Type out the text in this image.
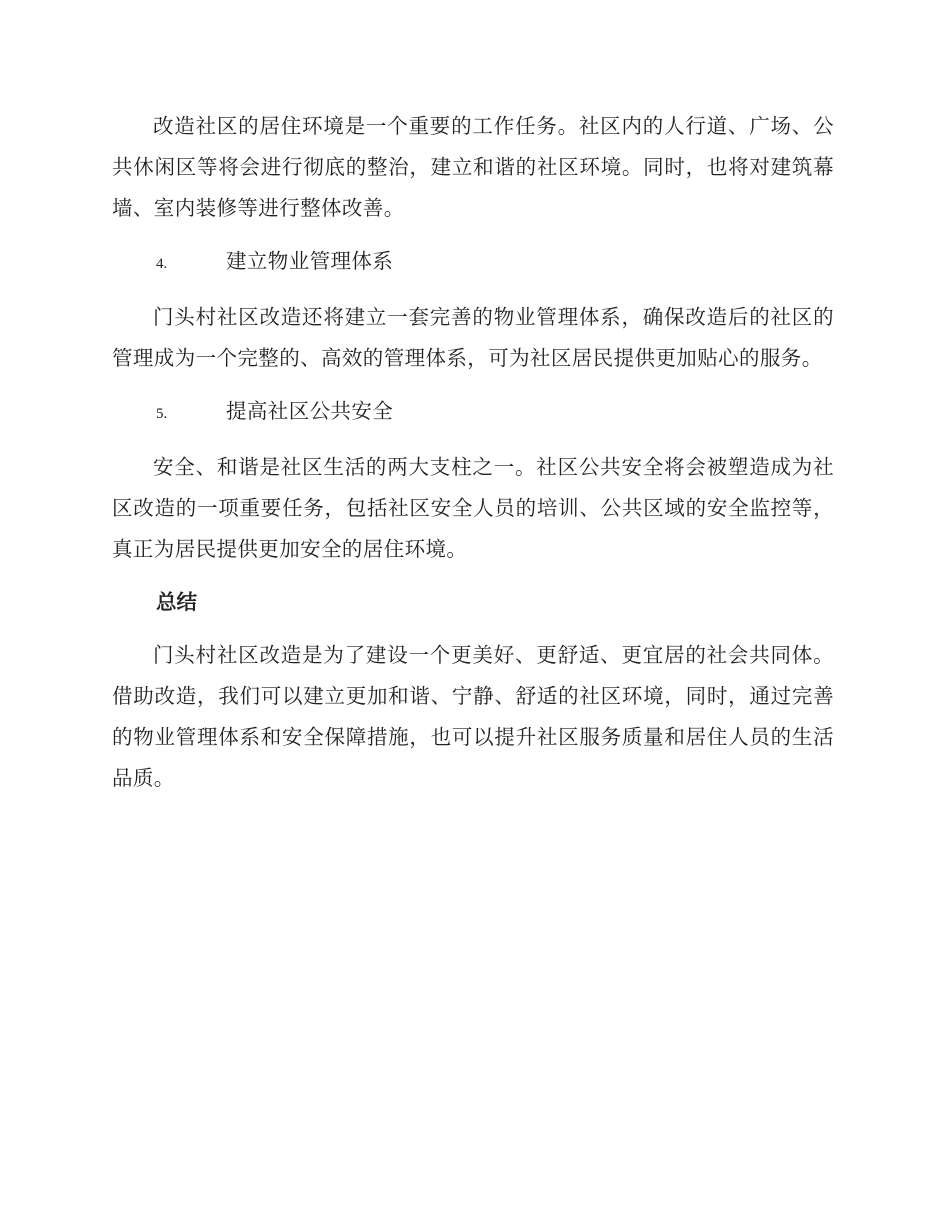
改造社区的居住环境是一个重要的工作任务。社区内的人行道、广场、公共休闲区等将会进行彻底的整治，建立和谐的社区环境。同时，也将对建筑幕墙、室内装修等进行整体改善。

4.	建立物业管理体系

门头村社区改造还将建立一套完善的物业管理体系，确保改造后的社区的管理成为一个完整的、高效的管理体系，可为社区居民提供更加贴心的服务。

5.	提高社区公共安全

安全、和谐是社区生活的两大支柱之一。社区公共安全将会被塑造成为社区改造的一项重要任务，包括社区安全人员的培训、公共区域的安全监控等，真正为居民提供更加安全的居住环境。

总结

门头村社区改造是为了建设一个更美好、更舒适、更宜居的社会共同体。借助改造，我们可以建立更加和谐、宁静、舒适的社区环境，同时，通过完善的物业管理体系和安全保障措施，也可以提升社区服务质量和居住人员的生活品质。
